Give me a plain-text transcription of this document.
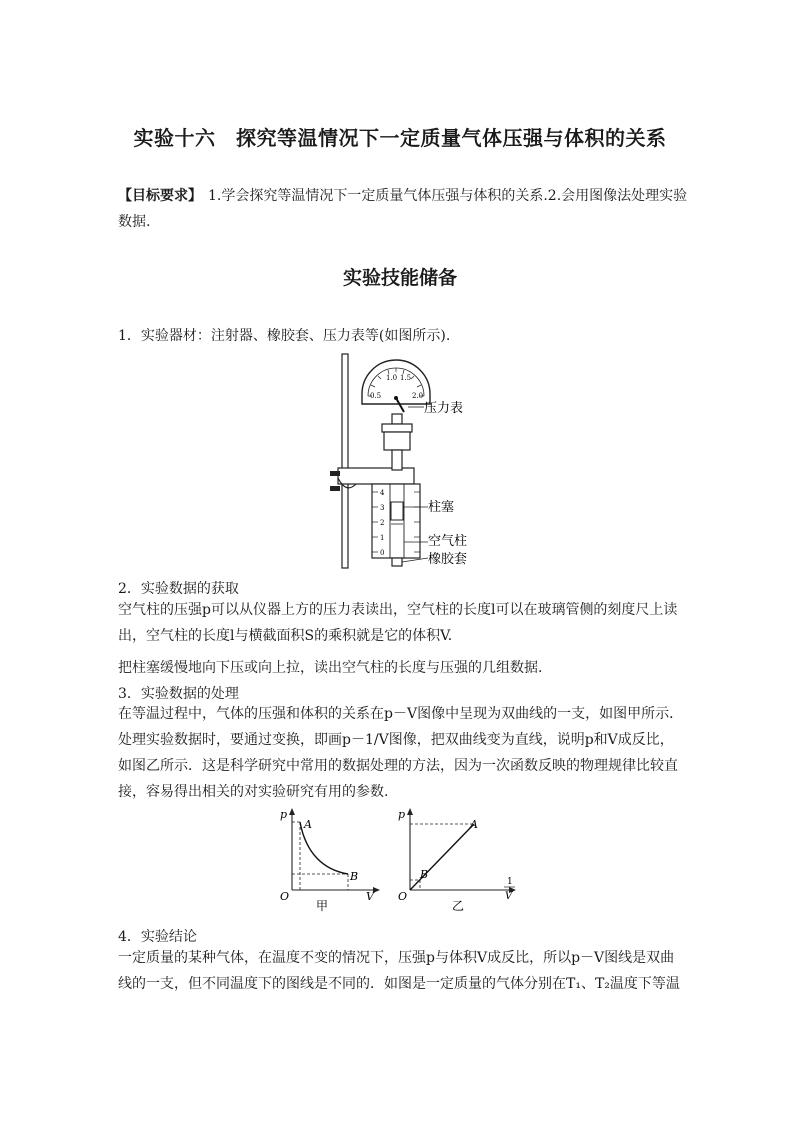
实验十六　探究等温情况下一定质量气体压强与体积的关系
【目标要求】 1.学会探究等温情况下一定质量气体压强与体积的关系.2.会用图像法处理实验数据.
实验技能储备
1．实验器材：注射器、橡胶套、压力表等(如图所示).
0.5
1.0 1.5
2.0
4
3
2
1
0
压力表
柱塞
空气柱
橡胶套
2．实验数据的获取
空气柱的压强p可以从仪器上方的压力表读出，空气柱的长度l可以在玻璃管侧的刻度尺上读出，空气柱的长度l与横截面积S的乘积就是它的体积V.
把柱塞缓慢地向下压或向上拉，读出空气柱的长度与压强的几组数据.
3．实验数据的处理
在等温过程中，气体的压强和体积的关系在p－V图像中呈现为双曲线的一支，如图甲所示．处理实验数据时，要通过变换，即画p－1/V图像，把双曲线变为直线，说明p和V成反比，如图乙所示．这是科学研究中常用的数据处理的方法，因为一次函数反映的物理规律比较直接，容易得出相关的对实验研究有用的参数.
p
A
B
O	V
甲
p
A
B
O
1
V
乙
4．实验结论
一定质量的某种气体，在温度不变的情况下，压强p与体积V成反比，所以p－V图线是双曲线的一支，但不同温度下的图线是不同的．如图是一定质量的气体分别在T₁、T₂温度下等温
